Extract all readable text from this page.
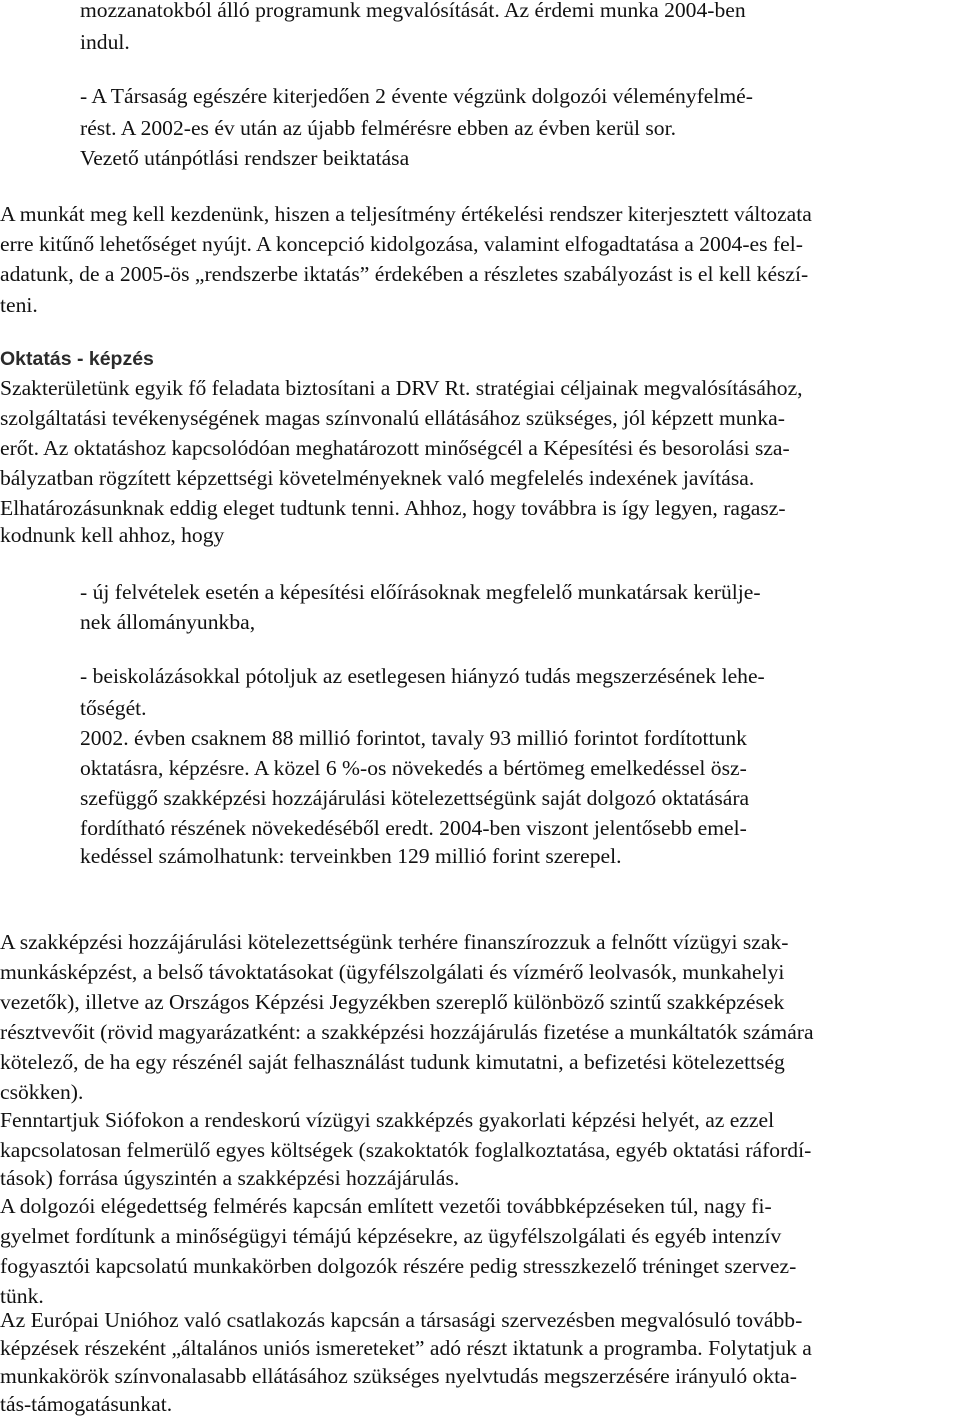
mozzanatokból álló programunk megvalósítását. Az érdemi munka 2004-ben
indul.
- A Társaság egészére kiterjedően 2 évente végzünk dolgozói véleményfelmé-
rést. A 2002-es év után az újabb felmérésre ebben az évben kerül sor.
Vezető utánpótlási rendszer beiktatása
A munkát meg kell kezdenünk, hiszen a teljesítmény értékelési rendszer kiterjesztett változata
erre kitűnő lehetőséget nyújt. A koncepció kidolgozása, valamint elfogadtatása a 2004-es fel-
adatunk, de a 2005-ös „rendszerbe iktatás” érdekében a részletes szabályozást is el kell készí-
teni.
Oktatás - képzés
Szakterületünk egyik fő feladata biztosítani a DRV Rt. stratégiai céljainak megvalósításához,
szolgáltatási tevékenységének magas színvonalú ellátásához szükséges, jól képzett munka-
erőt. Az oktatáshoz kapcsolódóan meghatározott minőségcél a Képesítési és besorolási sza-
bályzatban rögzített képzettségi követelményeknek való megfelelés indexének javítása.
Elhatározásunknak eddig eleget tudtunk tenni. Ahhoz, hogy továbbra is így legyen, ragasz-
kodnunk kell ahhoz, hogy
- új felvételek esetén a képesítési előírásoknak megfelelő munkatársak kerülje-
nek állományunkba,
- beiskolázásokkal pótoljuk az esetlegesen hiányzó tudás megszerzésének lehe-
tőségét.
2002. évben csaknem 88 millió forintot, tavaly 93 millió forintot fordítottunk
oktatásra, képzésre. A közel 6 %-os növekedés a bértömeg emelkedéssel ösz-
szefüggő szakképzési hozzájárulási kötelezettségünk saját dolgozó oktatására
fordítható részének növekedéséből eredt. 2004-ben viszont jelentősebb emel-
kedéssel számolhatunk: terveinkben 129 millió forint szerepel.
A szakképzési hozzájárulási kötelezettségünk terhére finanszírozzuk a felnőtt vízügyi szak-
munkásképzést, a belső távoktatásokat (ügyfélszolgálati és vízmérő leolvasók, munkahelyi
vezetők), illetve az Országos Képzési Jegyzékben szereplő különböző szintű szakképzések
résztvevőit (rövid magyarázatként: a szakképzési hozzájárulás fizetése a munkáltatók számára
kötelező, de ha egy részénél saját felhasználást tudunk kimutatni, a befizetési kötelezettség
csökken).
Fenntartjuk Siófokon a rendeskorú vízügyi szakképzés gyakorlati képzési helyét, az ezzel
kapcsolatosan felmerülő egyes költségek (szakoktatók foglalkoztatása, egyéb oktatási ráfordí-
tások) forrása úgyszintén a szakképzési hozzájárulás.
A dolgozói elégedettség felmérés kapcsán említett vezetői továbbképzéseken túl, nagy fi-
gyelmet fordítunk a minőségügyi témájú képzésekre, az ügyfélszolgálati és egyéb intenzív
fogyasztói kapcsolatú munkakörben dolgozók részére pedig stresszkezelő tréninget szervez-
tünk.
Az Európai Unióhoz való csatlakozás kapcsán a társasági szervezésben megvalósuló tovább-
képzések részeként „általános uniós ismereteket” adó részt iktatunk a programba. Folytatjuk a
munkakörök színvonalasabb ellátásához szükséges nyelvtudás megszerzésére irányuló okta-
tás-támogatásunkat.
